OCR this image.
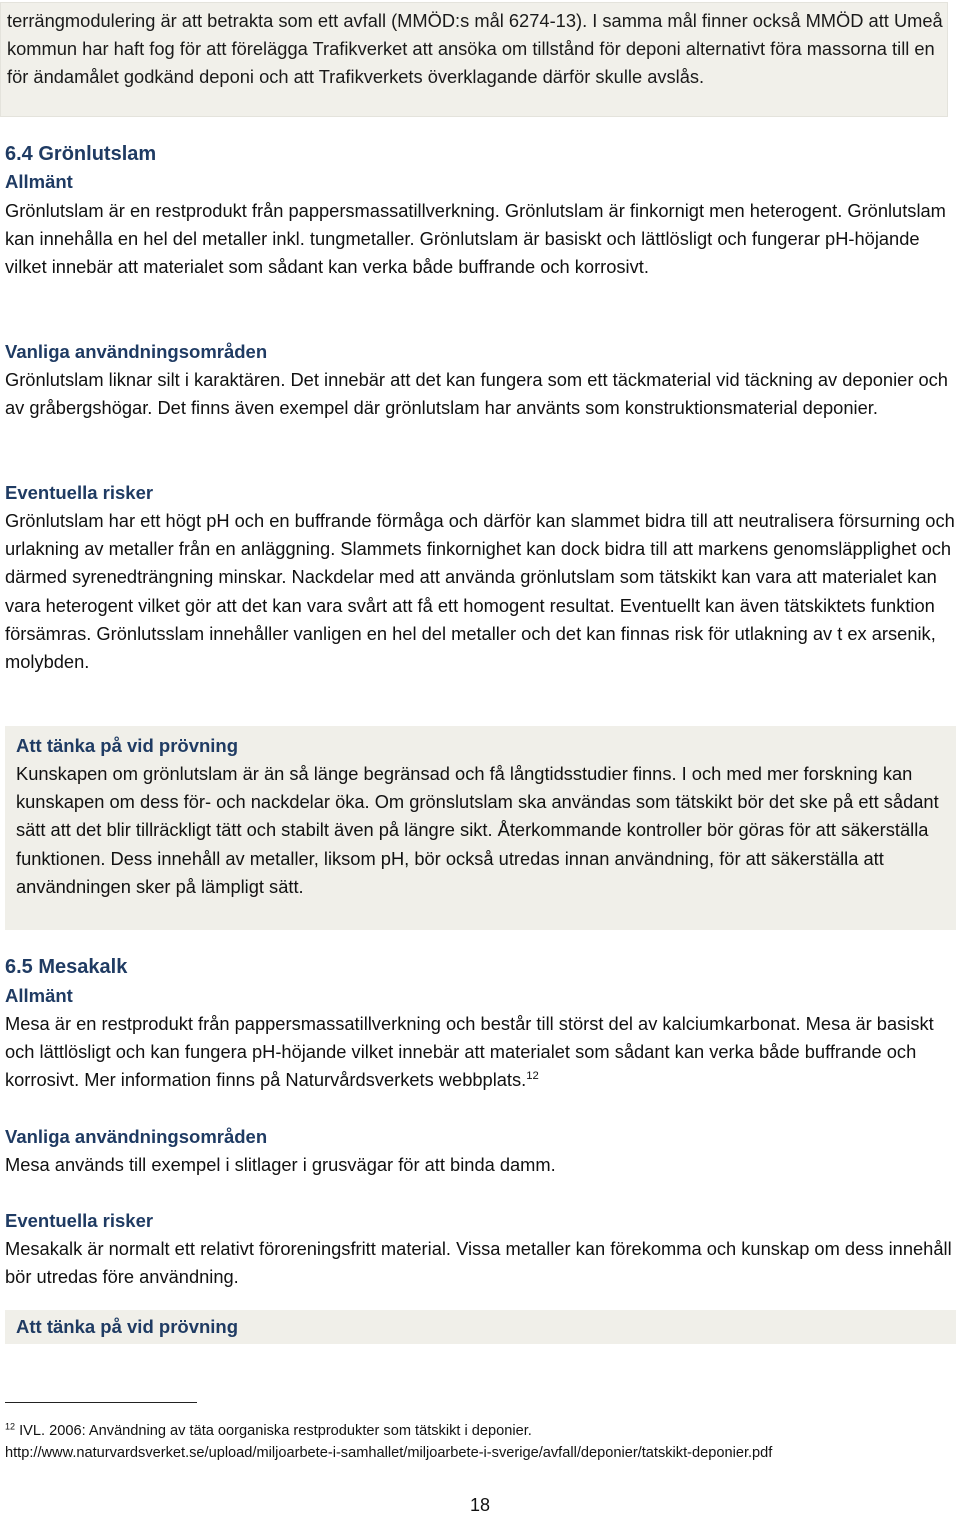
terrängmodulering är att betrakta som ett avfall (MMÖD:s mål 6274-13). I samma mål finner också MMÖD att Umeå kommun har haft fog för att förelägga Trafikverket att ansöka om tillstånd för deponi alternativt föra massorna till en för ändamålet godkänd deponi och att Trafikverkets överklagande därför skulle avslås.

6.4 Grönlutslam
Allmänt

Grönlutslam är en restprodukt från pappersmassatillverkning. Grönlutslam är finkornigt men heterogent. Grönlutslam kan innehålla en hel del metaller inkl. tungmetaller. Grönlutslam är basiskt och lättlösligt och fungerar pH-höjande vilket innebär att materialet som sådant kan verka både buffrande och korrosivt.

Vanliga användningsområden

Grönlutslam liknar silt i karaktären. Det innebär att det kan fungera som ett täckmaterial vid täckning av deponier och av gråbergshögar. Det finns även exempel där grönlutslam har använts som konstruktionsmaterial deponier.

Eventuella risker

Grönlutslam har ett högt pH och en buffrande förmåga och därför kan slammet bidra till att neutralisera försurning och urlakning av metaller från en anläggning. Slammets finkornighet kan dock bidra till att markens genomsläpplighet och därmed syrenedträngning minskar. Nackdelar med att använda grönlutslam som tätskikt kan vara att materialet kan vara heterogent vilket gör att det kan vara svårt att få ett homogent resultat. Eventuellt kan även tätskiktets funktion försämras. Grönlutsslam innehåller vanligen en hel del metaller och det kan finnas risk för utlakning av t ex arsenik, molybden.

Att tänka på vid prövning

Kunskapen om grönlutslam är än så länge begränsad och få långtidsstudier finns. I och med mer forskning kan kunskapen om dess för- och nackdelar öka. Om grönslutslam ska användas som tätskikt bör det ske på ett sådant sätt att det blir tillräckligt tätt och stabilt även på längre sikt. Återkommande kontroller bör göras för att säkerställa funktionen. Dess innehåll av metaller, liksom pH, bör också utredas innan användning, för att säkerställa att användningen sker på lämpligt sätt.

6.5 Mesakalk
Allmänt

Mesa är en restprodukt från pappersmassatillverkning och består till störst del av kalciumkarbonat. Mesa är basiskt och lättlösligt och kan fungera pH-höjande vilket innebär att materialet som sådant kan verka både buffrande och korrosivt. Mer information finns på Naturvårdsverkets webbplats.$^{12}$

Vanliga användningsområden

Mesa används till exempel i slitlager i grusvägar för att binda damm.

Eventuella risker

Mesakalk är normalt ett relativt föroreningsfritt material. Vissa metaller kan förekomma och kunskap om dess innehåll bör utredas före användning.

Att tänka på vid prövning

$^{12}$ IVL. 2006: Användning av täta oorganiska restprodukter som tätskikt i deponier.
http://www.naturvardsverket.se/upload/miljoarbete-i-samhallet/miljoarbete-i-sverige/avfall/deponier/tatskikt-deponier.pdf

18
